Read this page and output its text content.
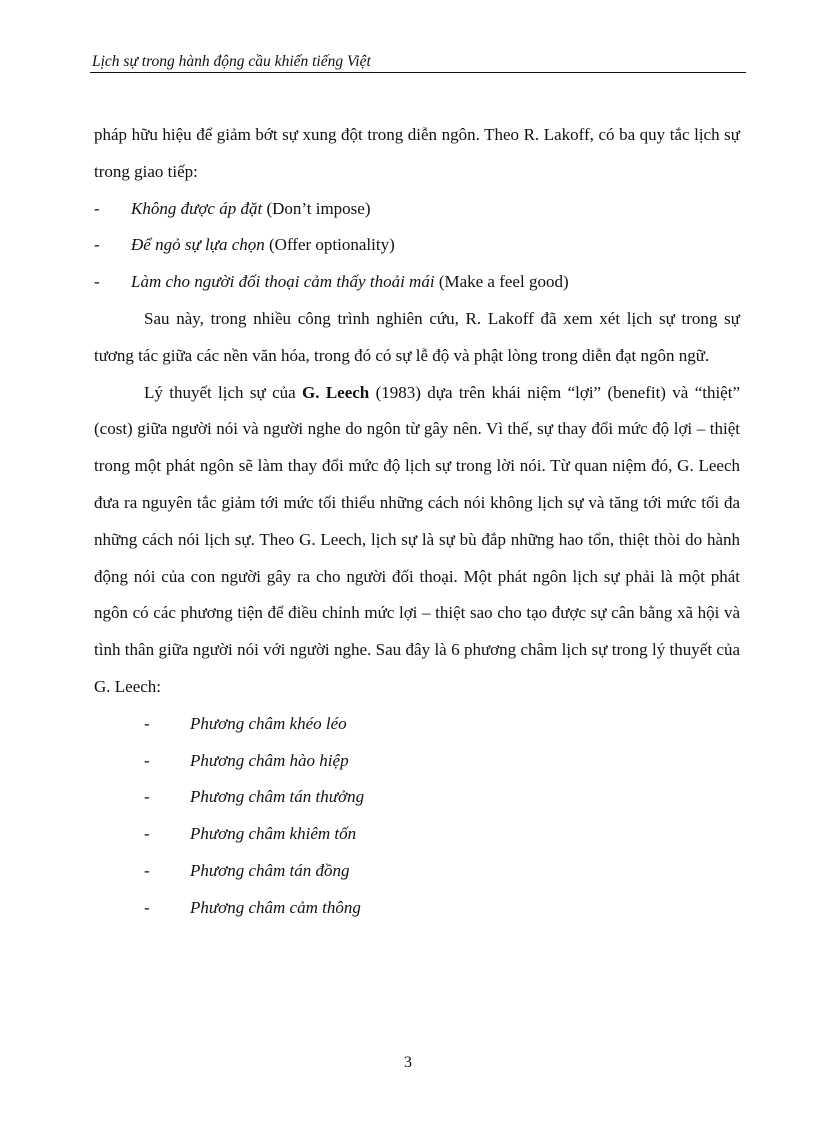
Lịch sự trong hành động cầu khiến tiếng Việt

pháp hữu hiệu để giảm bớt sự xung đột trong diễn ngôn. Theo R. Lakoff, có ba quy tắc lịch sự trong giao tiếp:

- Không được áp đặt (Don’t impose)
- Để ngỏ sự lựa chọn (Offer optionality)
- Làm cho người đối thoại cảm thấy thoải mái (Make a feel good)

Sau này, trong nhiều công trình nghiên cứu, R. Lakoff đã xem xét lịch sự trong sự tương tác giữa các nền văn hóa, trong đó có sự lễ độ và phật lòng trong diễn đạt ngôn ngữ.

Lý thuyết lịch sự của G. Leech (1983) dựa trên khái niệm “lợi” (benefit) và “thiệt” (cost) giữa người nói và người nghe do ngôn từ gây nên. Vì thế, sự thay đổi mức độ lợi – thiệt trong một phát ngôn sẽ làm thay đổi mức độ lịch sự trong lời nói. Từ quan niệm đó, G. Leech đưa ra nguyên tắc giảm tới mức tối thiểu những cách nói không lịch sự và tăng tới mức tối đa những cách nói lịch sự. Theo G. Leech, lịch sự là sự bù đắp những hao tổn, thiệt thòi do hành động nói của con người gây ra cho người đối thoại. Một phát ngôn lịch sự phải là một phát ngôn có các phương tiện để điều chỉnh mức lợi – thiệt sao cho tạo được sự cân bằng xã hội và tình thân giữa người nói với người nghe. Sau đây là 6 phương châm lịch sự trong lý thuyết của G. Leech:

- Phương châm khéo léo
- Phương châm hào hiệp
- Phương châm tán thưởng
- Phương châm khiêm tốn
- Phương châm tán đồng
- Phương châm cảm thông
3
